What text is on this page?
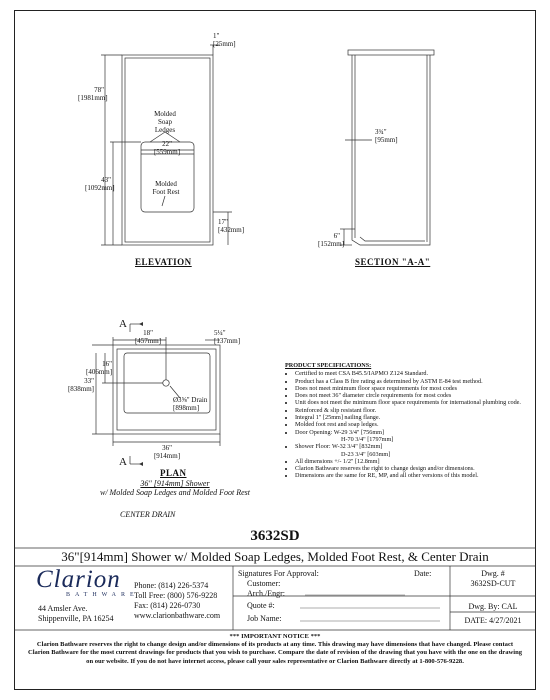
1"
[25mm]
78"
[1981mm]
43"
[1092mm]
Molded
Soap
Ledges
22"
[559mm]
Molded
Foot Rest
17"
[432mm]
ELEVATION
3¾"
[95mm]
6"
[152mm]
SECTION "A-A"
A
A
18"
[457mm]
5¼"
[137mm]
16"
[406mm]
33"
[838mm]
Ø3⅝" Drain
[898mm]
36"
[914mm]
PLAN
36" [914mm] Shower
w/ Molded Soap Ledges and Molded Foot Rest
CENTER DRAIN
PRODUCT SPECIFICATIONS:
• Certified to meet CSA B45.5/IAPMO Z124 Standard.
• Product has a Class B fire rating as determined by ASTM E-84 test method.
• Does not meet minimum floor space requirements for most codes
• Does not meet 36" diameter circle requirements for most codes
• Unit does not meet the minimum floor space requirements for international plumbing code.
• Reinforced & slip resistant floor.
• Integral 1" [25mm] nailing flange.
• Molded foot rest and soap ledges.
• Door Opening: W-29 3/4" [756mm]
H-70 3/4" [1797mm]
• Shower Floor: W-32 3/4" [832mm]
D-23 3/4" [603mm]
• All dimensions +/- 1/2" [12.8mm]
• Clarion Bathware reserves the right to change design and/or dimensions.
• Dimensions are the same for RE, MP, and all other versions of this model.
3632SD
36"[914mm] Shower w/ Molded Soap Ledges, Molded Foot Rest, & Center Drain
Clarion
BATHWARE
44 Amsler Ave.
Shippenville, PA 16254
Phone: (814) 226-5374
Toll Free: (800) 576-9228
Fax: (814) 226-0730
www.clarionbathware.com
Signatures For Approval:	Date:
Customer:
Arch./Engr:
Quote #:
Job Name:
Dwg. #
3632SD-CUT
Dwg. By: CAL
DATE: 4/27/2021
*** IMPORTANT NOTICE ***
Clarion Bathware reserves the right to change design and/or dimensions of its products at any time. This drawing may have dimensions that have changed. Please contact Clarion Bathware for the most current drawings for products that you wish to purchase. Compare the date of revision of the drawing that you have with the one on the drawing on our website. If you do not have internet access, please call your sales representative or Clarion Bathware directly at 1-800-576-9228.
